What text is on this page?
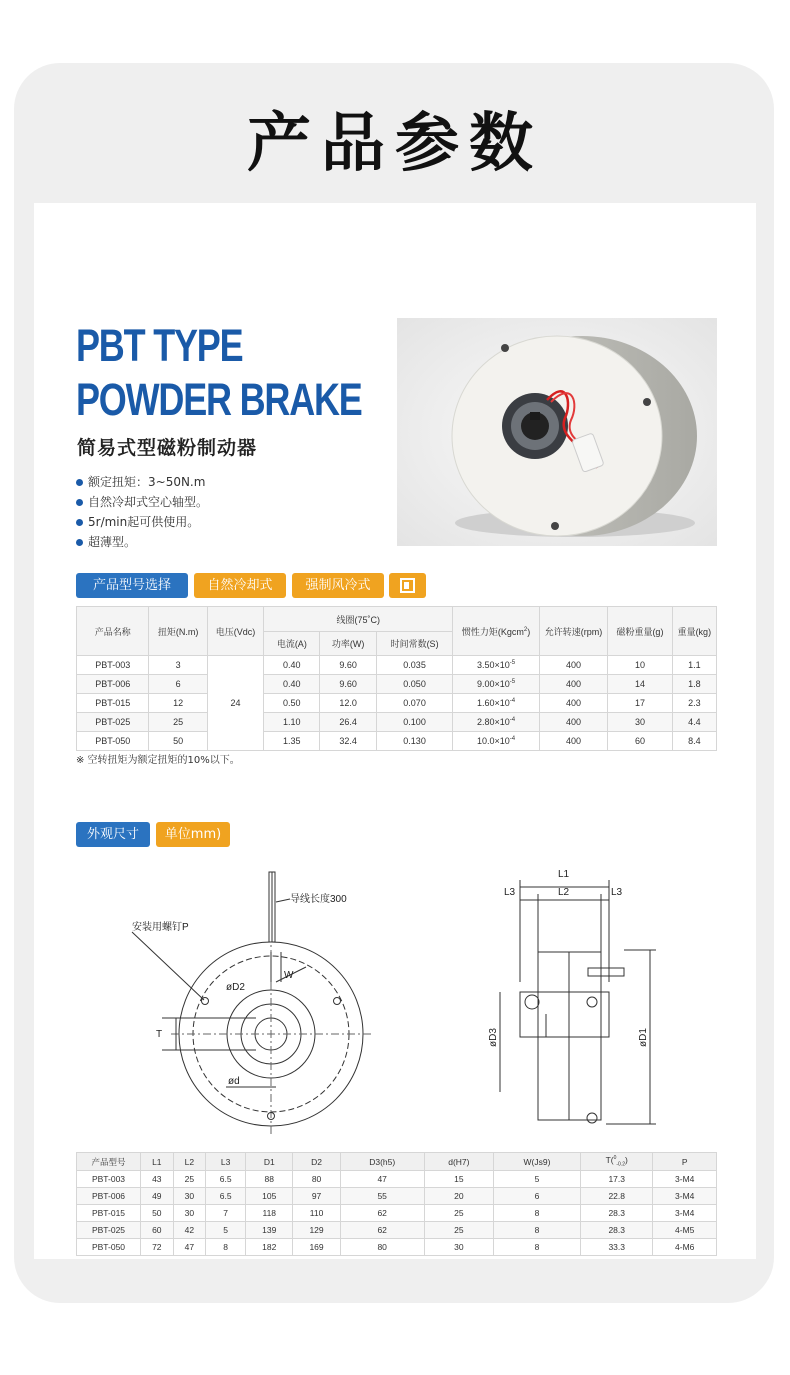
产品参数
PBT TYPE
POWDER BRAKE
简易式型磁粉制动器
额定扭矩：3~50N.m
自然冷却式空心轴型。
5r/min起可供使用。
超薄型。
产品型号选择	自然冷却式	强制风冷式
产品名称	扭矩(N.m)	电压(Vdc)	线圈(75˚C)			惯性力矩(Kgcm$^2$)	允许转速(rpm)	磁粉重量(g)	重量(kg)
			电流(A)	功率(W)	时间常数(S)				
PBT-003	3	24	0.40	9.60	0.035	$3.50\times 10^{-5}$	400	10	1.1
PBT-006	6		0.40	9.60	0.050	$9.00\times 10^{-5}$	400	14	1.8
PBT-015	12		0.50	12.0	0.070	$1.60\times 10^{-4}$	400	17	2.3
PBT-025	25		1.10	26.4	0.100	$2.80\times 10^{-4}$	400	30	4.4
PBT-050	50		1.35	32.4	0.130	$10.0\times 10^{-4}$	400	60	8.4
※ 空转扭矩为额定扭矩的10%以下。
外观尺寸	单位mm)
导线长度300
安装用螺钉P
W
øD2
T
ød
L1
L2
L3	L3
øD3	øD1
产品型号	L1	L2	L3	D1	D2	D3(h5)	d(H7)	W(Js9)	T($^0_{-0.2}$)	P
PBT-003	43	25	6.5	88	80	47	15	5	17.3	3-M4
PBT-006	49	30	6.5	105	97	55	20	6	22.8	3-M4
PBT-015	50	30	7	118	110	62	25	8	28.3	3-M4
PBT-025	60	42	5	139	129	62	25	8	28.3	4-M5
PBT-050	72	47	8	182	169	80	30	8	33.3	4-M6
